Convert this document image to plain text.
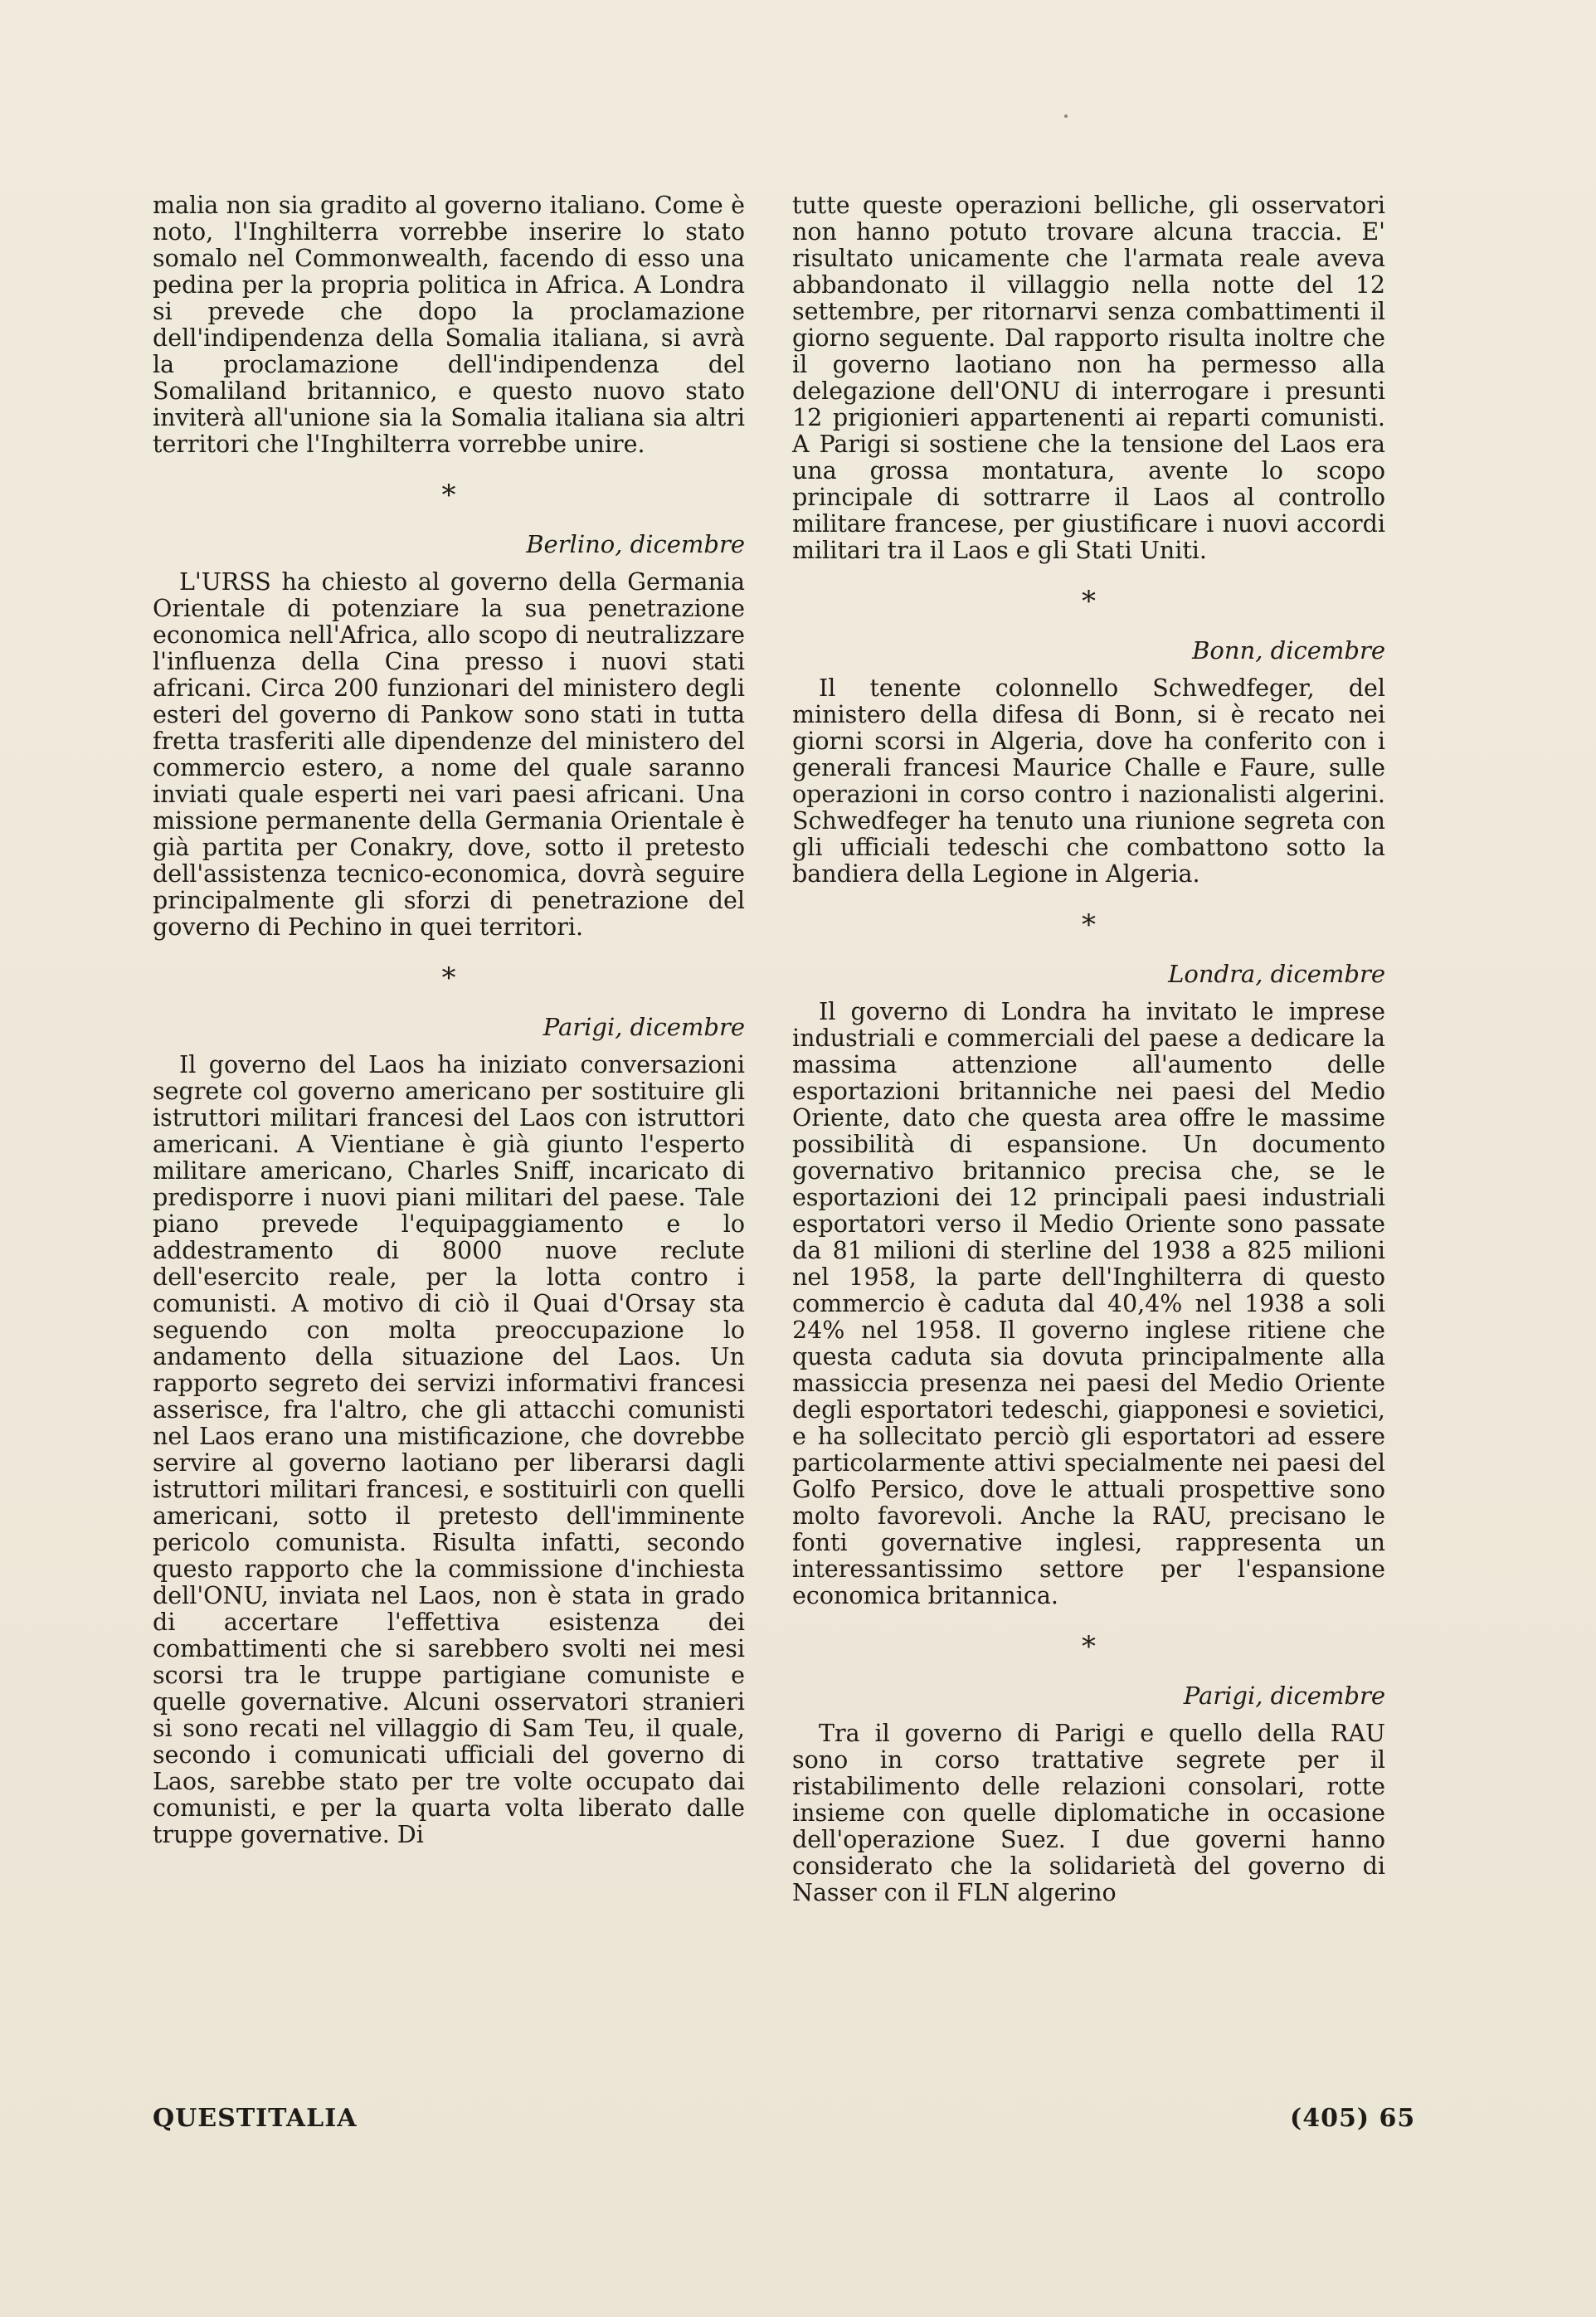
malia non sia gradito al governo italiano. Come è noto, l'Inghilterra vorrebbe inserire lo stato somalo nel Commonwealth, facendo di esso una pedina per la propria politica in Africa. A Londra si prevede che dopo la proclamazione dell'indipendenza della Somalia italiana, si avrà la proclamazione dell'indipendenza del Somaliland britannico, e questo nuovo stato inviterà all'unione sia la Somalia italiana sia altri territori che l'Inghilterra vorrebbe unire.

*
Berlino, dicembre

L'URSS ha chiesto al governo della Germania Orientale di potenziare la sua penetrazione economica nell'Africa, allo scopo di neutralizzare l'influenza della Cina presso i nuovi stati africani. Circa 200 funzionari del ministero degli esteri del governo di Pankow sono stati in tutta fretta trasferiti alle dipendenze del ministero del commercio estero, a nome del quale saranno inviati quale esperti nei vari paesi africani. Una missione permanente della Germania Orientale è già partita per Conakry, dove, sotto il pretesto dell'assistenza tecnico-economica, dovrà seguire principalmente gli sforzi di penetrazione del governo di Pechino in quei territori.

*
Parigi, dicembre

Il governo del Laos ha iniziato conversazioni segrete col governo americano per sostituire gli istruttori militari francesi del Laos con istruttori americani. A Vientiane è già giunto l'esperto militare americano, Charles Sniff, incaricato di predisporre i nuovi piani militari del paese. Tale piano prevede l'equipaggiamento e lo addestramento di 8000 nuove reclute dell'esercito reale, per la lotta contro i comunisti. A motivo di ciò il Quai d'Orsay sta seguendo con molta preoccupazione lo andamento della situazione del Laos. Un rapporto segreto dei servizi informativi francesi asserisce, fra l'altro, che gli attacchi comunisti nel Laos erano una mistificazione, che dovrebbe servire al governo laotiano per liberarsi dagli istruttori militari francesi, e sostituirli con quelli americani, sotto il pretesto dell'imminente pericolo comunista. Risulta infatti, secondo questo rapporto che la commissione d'inchiesta dell'ONU, inviata nel Laos, non è stata in grado di accertare l'effettiva esistenza dei combattimenti che si sarebbero svolti nei mesi scorsi tra le truppe partigiane comuniste e quelle governative. Alcuni osservatori stranieri si sono recati nel villaggio di Sam Teu, il quale, secondo i comunicati ufficiali del governo di Laos, sarebbe stato per tre volte occupato dai comunisti, e per la quarta volta liberato dalle truppe governative. Di

tutte queste operazioni belliche, gli osservatori non hanno potuto trovare alcuna traccia. E' risultato unicamente che l'armata reale aveva abbandonato il villaggio nella notte del 12 settembre, per ritornarvi senza combattimenti il giorno seguente. Dal rapporto risulta inoltre che il governo laotiano non ha permesso alla delegazione dell'ONU di interrogare i presunti 12 prigionieri appartenenti ai reparti comunisti. A Parigi si sostiene che la tensione del Laos era una grossa montatura, avente lo scopo principale di sottrarre il Laos al controllo militare francese, per giustificare i nuovi accordi militari tra il Laos e gli Stati Uniti.

*
Bonn, dicembre

Il tenente colonnello Schwedfeger, del ministero della difesa di Bonn, si è recato nei giorni scorsi in Algeria, dove ha conferito con i generali francesi Maurice Challe e Faure, sulle operazioni in corso contro i nazionalisti algerini. Schwedfeger ha tenuto una riunione segreta con gli ufficiali tedeschi che combattono sotto la bandiera della Legione in Algeria.

*
Londra, dicembre

Il governo di Londra ha invitato le imprese industriali e commerciali del paese a dedicare la massima attenzione all'aumento delle esportazioni britanniche nei paesi del Medio Oriente, dato che questa area offre le massime possibilità di espansione. Un documento governativo britannico precisa che, se le esportazioni dei 12 principali paesi industriali esportatori verso il Medio Oriente sono passate da 81 milioni di sterline del 1938 a 825 milioni nel 1958, la parte dell'Inghilterra di questo commercio è caduta dal 40,4% nel 1938 a soli 24% nel 1958. Il governo inglese ritiene che questa caduta sia dovuta principalmente alla massiccia presenza nei paesi del Medio Oriente degli esportatori tedeschi, giapponesi e sovietici, e ha sollecitato perciò gli esportatori ad essere particolarmente attivi specialmente nei paesi del Golfo Persico, dove le attuali prospettive sono molto favorevoli. Anche la RAU, precisano le fonti governative inglesi, rappresenta un interessantissimo settore per l'espansione economica britannica.

*
Parigi, dicembre

Tra il governo di Parigi e quello della RAU sono in corso trattative segrete per il ristabilimento delle relazioni consolari, rotte insieme con quelle diplomatiche in occasione dell'operazione Suez. I due governi hanno considerato che la solidarietà del governo di Nasser con il FLN algerino

QUESTITALIA	(405) 65
